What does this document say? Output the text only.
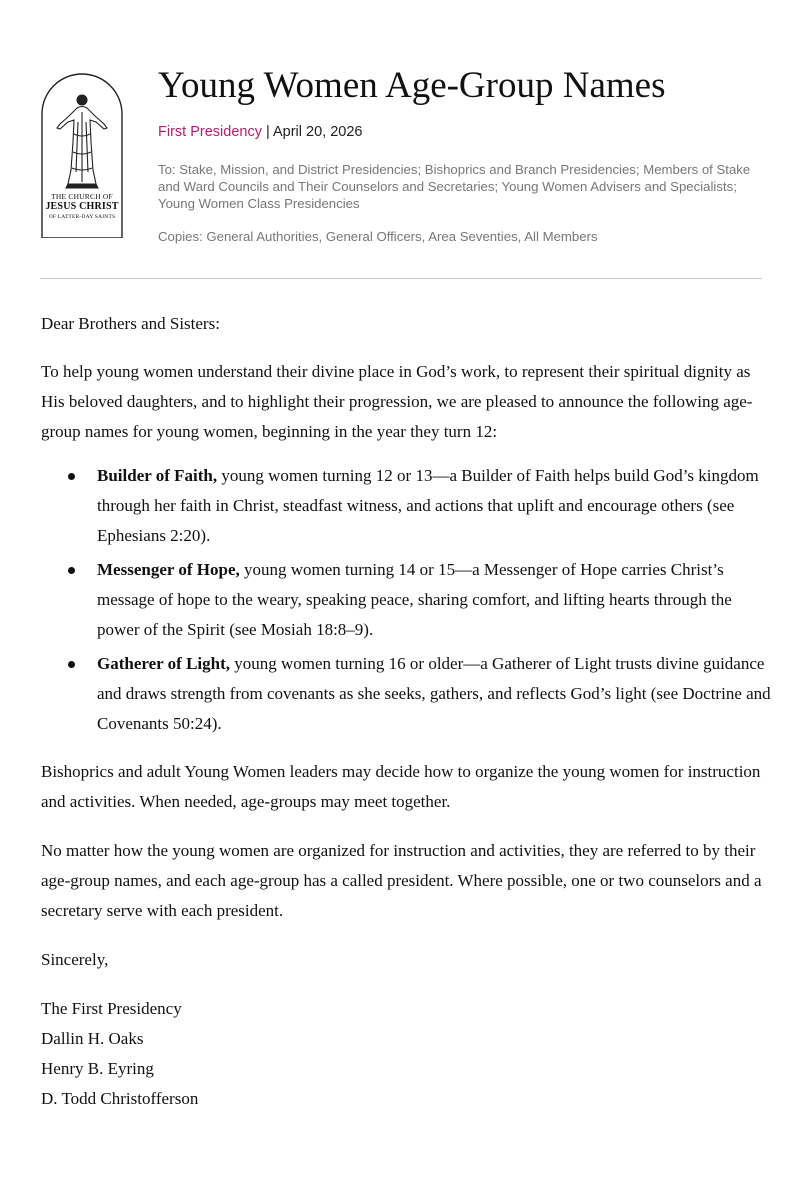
THE CHURCH OF
JESUS CHRIST
OF LATTER-DAY SAINTS
Young Women Age-Group Names
First Presidency | April 20, 2026
To: Stake, Mission, and District Presidencies; Bishoprics and Branch Presidencies; Members of Stake and Ward Councils and Their Counselors and Secretaries; Young Women Advisers and Specialists; Young Women Class Presidencies
Copies: General Authorities, General Officers, Area Seventies, All Members

Dear Brothers and Sisters:

To help young women understand their divine place in God’s work, to represent their spiritual dignity as His beloved daughters, and to highlight their progression, we are pleased to announce the following age-group names for young women, beginning in the year they turn 12:

Builder of Faith, young women turning 12 or 13—a Builder of Faith helps build God’s kingdom through her faith in Christ, steadfast witness, and actions that uplift and encourage others (see Ephesians 2:20).
Messenger of Hope, young women turning 14 or 15—a Messenger of Hope carries Christ’s message of hope to the weary, speaking peace, sharing comfort, and lifting hearts through the power of the Spirit (see Mosiah 18:8–9).
Gatherer of Light, young women turning 16 or older—a Gatherer of Light trusts divine guidance and draws strength from covenants as she seeks, gathers, and reflects God’s light (see Doctrine and Covenants 50:24).

Bishoprics and adult Young Women leaders may decide how to organize the young women for instruction and activities. When needed, age-groups may meet together.

No matter how the young women are organized for instruction and activities, they are referred to by their age-group names, and each age-group has a called president. Where possible, one or two counselors and a secretary serve with each president.

Sincerely,

The First Presidency
Dallin H. Oaks
Henry B. Eyring
D. Todd Christofferson
